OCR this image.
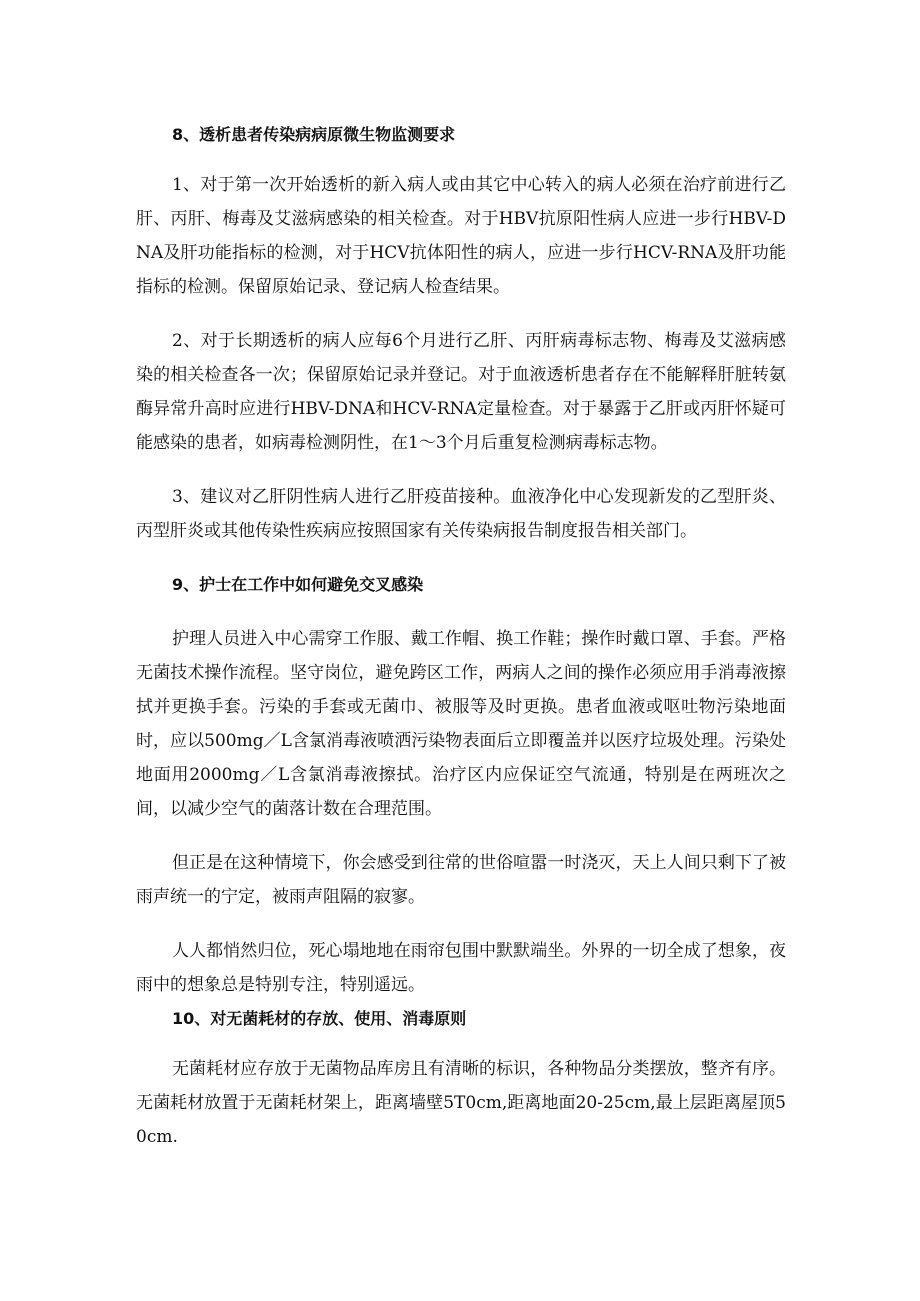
8、透析患者传染病病原微生物监测要求

1、对于第一次开始透析的新入病人或由其它中心转入的病人必须在治疗前进行乙肝、丙肝、梅毒及艾滋病感染的相关检查。对于HBV抗原阳性病人应进一步行HBV-DNA及肝功能指标的检测，对于HCV抗体阳性的病人，应进一步行HCV-RNA及肝功能指标的检测。保留原始记录、登记病人检查结果。

2、对于长期透析的病人应每6个月进行乙肝、丙肝病毒标志物、梅毒及艾滋病感染的相关检查各一次；保留原始记录并登记。对于血液透析患者存在不能解释肝脏转氨酶异常升高时应进行HBV-DNA和HCV-RNA定量检查。对于暴露于乙肝或丙肝怀疑可能感染的患者，如病毒检测阴性，在1～3个月后重复检测病毒标志物。

3、建议对乙肝阴性病人进行乙肝疫苗接种。血液净化中心发现新发的乙型肝炎、丙型肝炎或其他传染性疾病应按照国家有关传染病报告制度报告相关部门。

9、护士在工作中如何避免交叉感染

护理人员进入中心需穿工作服、戴工作帽、换工作鞋；操作时戴口罩、手套。严格无菌技术操作流程。坚守岗位，避免跨区工作，两病人之间的操作必须应用手消毒液擦拭并更换手套。污染的手套或无菌巾、被服等及时更换。患者血液或呕吐物污染地面时，应以500mg／L含氯消毒液喷洒污染物表面后立即覆盖并以医疗垃圾处理。污染处地面用2000mg／L含氯消毒液擦拭。治疗区内应保证空气流通，特别是在两班次之间，以减少空气的菌落计数在合理范围。

但正是在这种情境下，你会感受到往常的世俗喧嚣一时浇灭，天上人间只剩下了被雨声统一的宁定，被雨声阻隔的寂寥。

人人都悄然归位，死心塌地地在雨帘包围中默默端坐。外界的一切全成了想象，夜雨中的想象总是特别专注，特别遥远。

10、对无菌耗材的存放、使用、消毒原则

无菌耗材应存放于无菌物品库房且有清晰的标识，各种物品分类摆放，整齐有序。无菌耗材放置于无菌耗材架上，距离墙壁5T0cm,距离地面20-25cm,最上层距离屋顶50cm.
